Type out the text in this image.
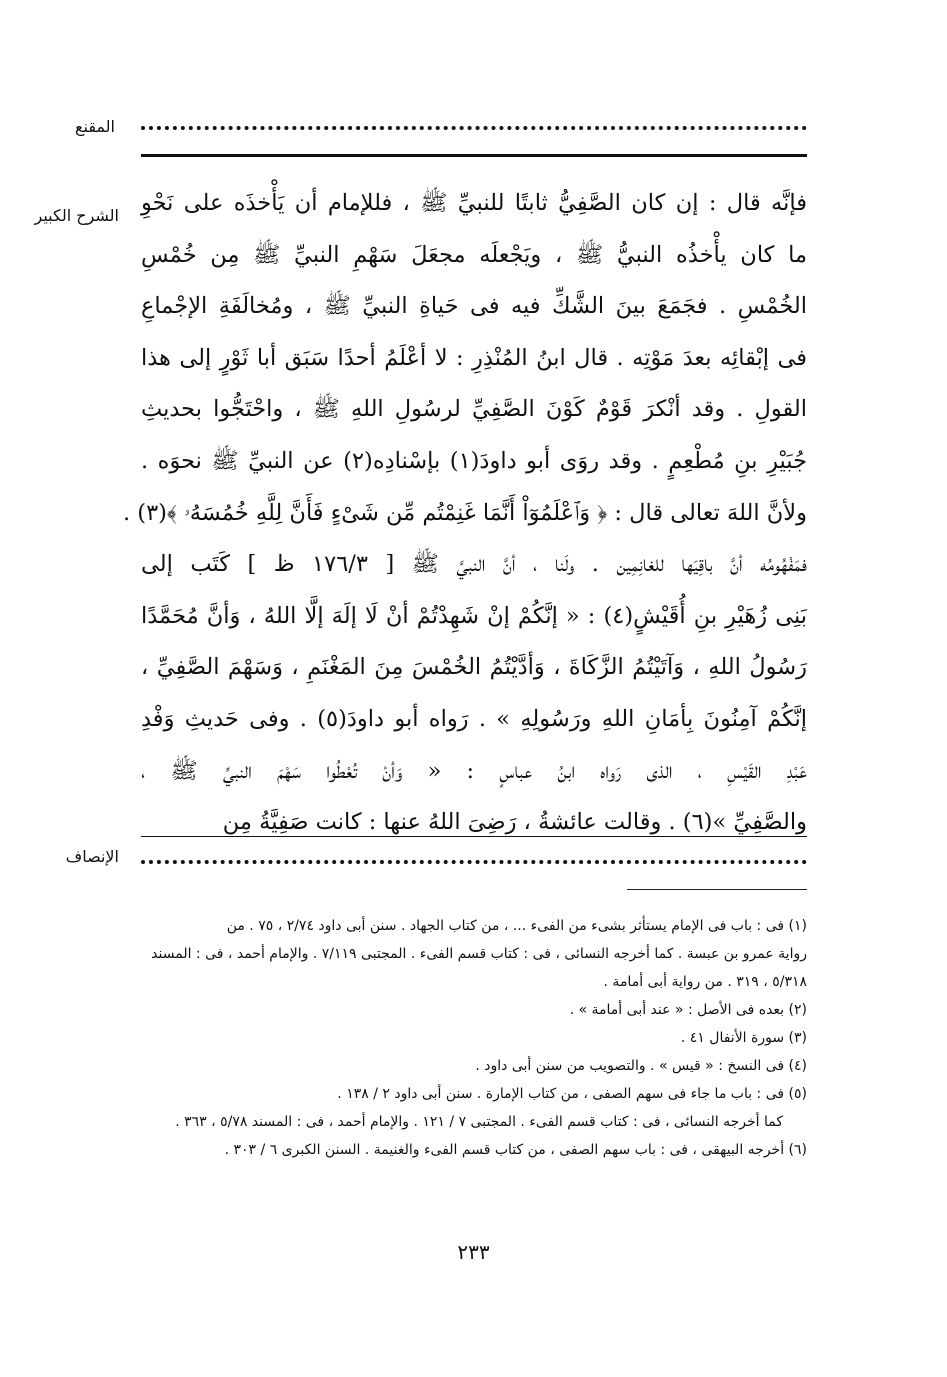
المقنع
الشرح الكبير فإنَّه قال : إن كان الصَّفِيُّ ثابتًا للنبيِّ ﷺ ، فللإمام أن يَأْخذَه على نَحْوِ
ما كان يأْخذُه النبيُّ ﷺ ، ويَجْعلَه مجعَلَ سَهْمِ النبيِّ ﷺ مِن خُمْسِ
الخُمْسِ . فجَمَعَ بينَ الشَّكِّ فيه فى حَياةِ النبيِّ ﷺ ، ومُخالَفَةِ الإجْماعِ
فى إبْقائِه بعدَ مَوْتِه . قال ابنُ المُنْذِرِ : لا أعْلَمُ أحدًا سَبَق أبا ثَوْرٍ إلى هذا
القولِ . وقد أنْكرَ قَوْمٌ كَوْنَ الصَّفِيِّ لرسُولِ اللهِ ﷺ ، واحْتَجُّوا بحديثِ
جُبَيْرِ بنِ مُطْعِمٍ . وقد روَى أبو داودَ(١) بإسْنادِه(٢) عن النبيِّ ﷺ نحوَه .
ولأنَّ اللهَ تعالى قال : ﴿ وَٱعْلَمُوٓاْ أَنَّمَا غَنِمْتُم مِّن شَىْءٍ فَأَنَّ لِلَّهِ خُمُسَهُۥ ﴾(٣) .
فمَفْهُومُه أنَّ باقِيَها للغانِمِين . ولَنا ، أنَّ النبيَّ ﷺ [ ١٧٦/٣ ظ ] كَتَب إلى
بَنِى زُهَيْرِ بنِ أُقَيْشٍ(٤) : « إنَّكُمْ إنْ شَهِدْتُمْ أنْ لَا إلَهَ إلَّا اللهُ ، وَأنَّ مُحَمَّدًا
رَسُولُ اللهِ ، وَآتَيْتُمُ الزَّكَاةَ ، وَأدَّيْتُمُ الخُمْسَ مِنَ المَغْنَمِ ، وَسَهْمَ الصَّفِيِّ ،
إنَّكُمْ آمِنُونَ بِأمَانِ اللهِ ورَسُولِهِ » . رَواه أبو داودَ(٥) . وفى حَديثِ وَفْدِ
عَبْدِ القَيْسِ ، الذى رَواه ابنُ عباسٍ : « وَأنْ تُعْطُوا سَهْمَ النبيِّ ﷺ ،
والصَّفِيِّ »(٦) . وقالت عائشةُ ، رَضِىَ اللهُ عنها : كانت صَفِيَّةُ مِن
الإنصاف
(١) فى : باب فى الإمام يستأثر بشىء من الفىء ... ، من كتاب الجهاد . سنن أبى داود ٢/٧٤ ، ٧٥ . من
رواية عمرو بن عبسة . كما أخرجه النسائى ، فى : كتاب قسم الفىء . المجتبى ٧/١١٩ . والإمام أحمد ، فى : المسند
٥/٣١٨ ، ٣١٩ . من رواية أبى أمامة .
(٢) بعده فى الأصل : « عند أبى أمامة » .
(٣) سورة الأنفال ٤١ .
(٤) فى النسخ : « قيس » . والتصويب من سنن أبى داود .
(٥) فى : باب ما جاء فى سهم الصفى ، من كتاب الإمارة . سنن أبى داود ٢ / ١٣٨ .
كما أخرجه النسائى ، فى : كتاب قسم الفىء . المجتبى ٧ / ١٢١ . والإمام أحمد ، فى : المسند ٥/٧٨ ، ٣٦٣ .
(٦) أخرجه البيهقى ، فى : باب سهم الصفى ، من كتاب قسم الفىء والغنيمة . السنن الكبرى ٦ / ٣٠٣ .
٢٣٣
